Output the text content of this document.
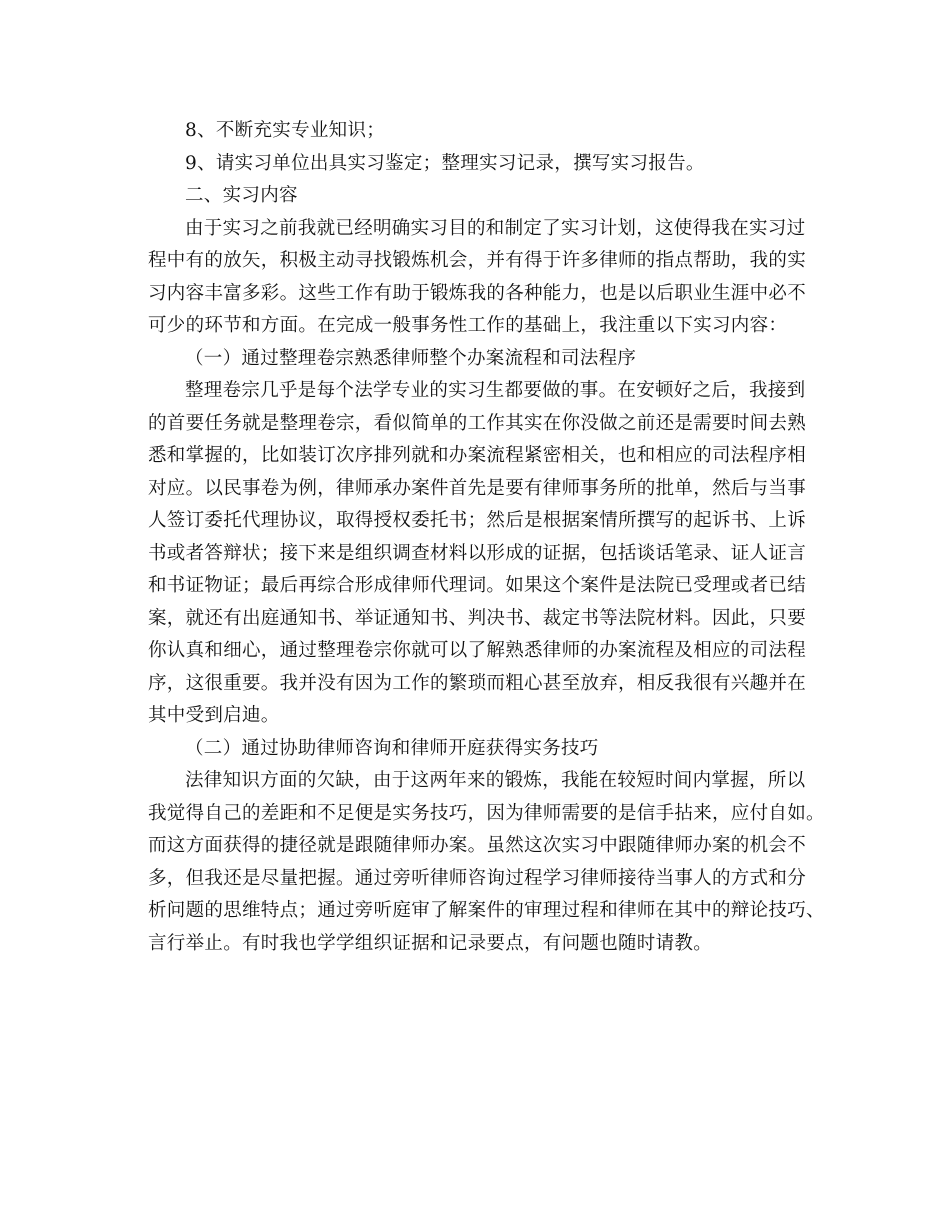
8、不断充实专业知识；
9、请实习单位出具实习鉴定；整理实习记录，撰写实习报告。
二、实习内容
由于实习之前我就已经明确实习目的和制定了实习计划，这使得我在实习过
程中有的放矢，积极主动寻找锻炼机会，并有得于许多律师的指点帮助，我的实
习内容丰富多彩。这些工作有助于锻炼我的各种能力，也是以后职业生涯中必不
可少的环节和方面。在完成一般事务性工作的基础上，我注重以下实习内容：
（一）通过整理卷宗熟悉律师整个办案流程和司法程序
整理卷宗几乎是每个法学专业的实习生都要做的事。在安顿好之后，我接到
的首要任务就是整理卷宗，看似简单的工作其实在你没做之前还是需要时间去熟
悉和掌握的，比如装订次序排列就和办案流程紧密相关，也和相应的司法程序相
对应。以民事卷为例，律师承办案件首先是要有律师事务所的批单，然后与当事
人签订委托代理协议，取得授权委托书；然后是根据案情所撰写的起诉书、上诉
书或者答辩状；接下来是组织调查材料以形成的证据，包括谈话笔录、证人证言
和书证物证；最后再综合形成律师代理词。如果这个案件是法院已受理或者已结
案，就还有出庭通知书、举证通知书、判决书、裁定书等法院材料。因此，只要
你认真和细心，通过整理卷宗你就可以了解熟悉律师的办案流程及相应的司法程
序，这很重要。我并没有因为工作的繁琐而粗心甚至放弃，相反我很有兴趣并在
其中受到启迪。
（二）通过协助律师咨询和律师开庭获得实务技巧
法律知识方面的欠缺，由于这两年来的锻炼，我能在较短时间内掌握，所以
我觉得自己的差距和不足便是实务技巧，因为律师需要的是信手拈来，应付自如。
而这方面获得的捷径就是跟随律师办案。虽然这次实习中跟随律师办案的机会不
多，但我还是尽量把握。通过旁听律师咨询过程学习律师接待当事人的方式和分
析问题的思维特点；通过旁听庭审了解案件的审理过程和律师在其中的辩论技巧、
言行举止。有时我也学学组织证据和记录要点，有问题也随时请教。
